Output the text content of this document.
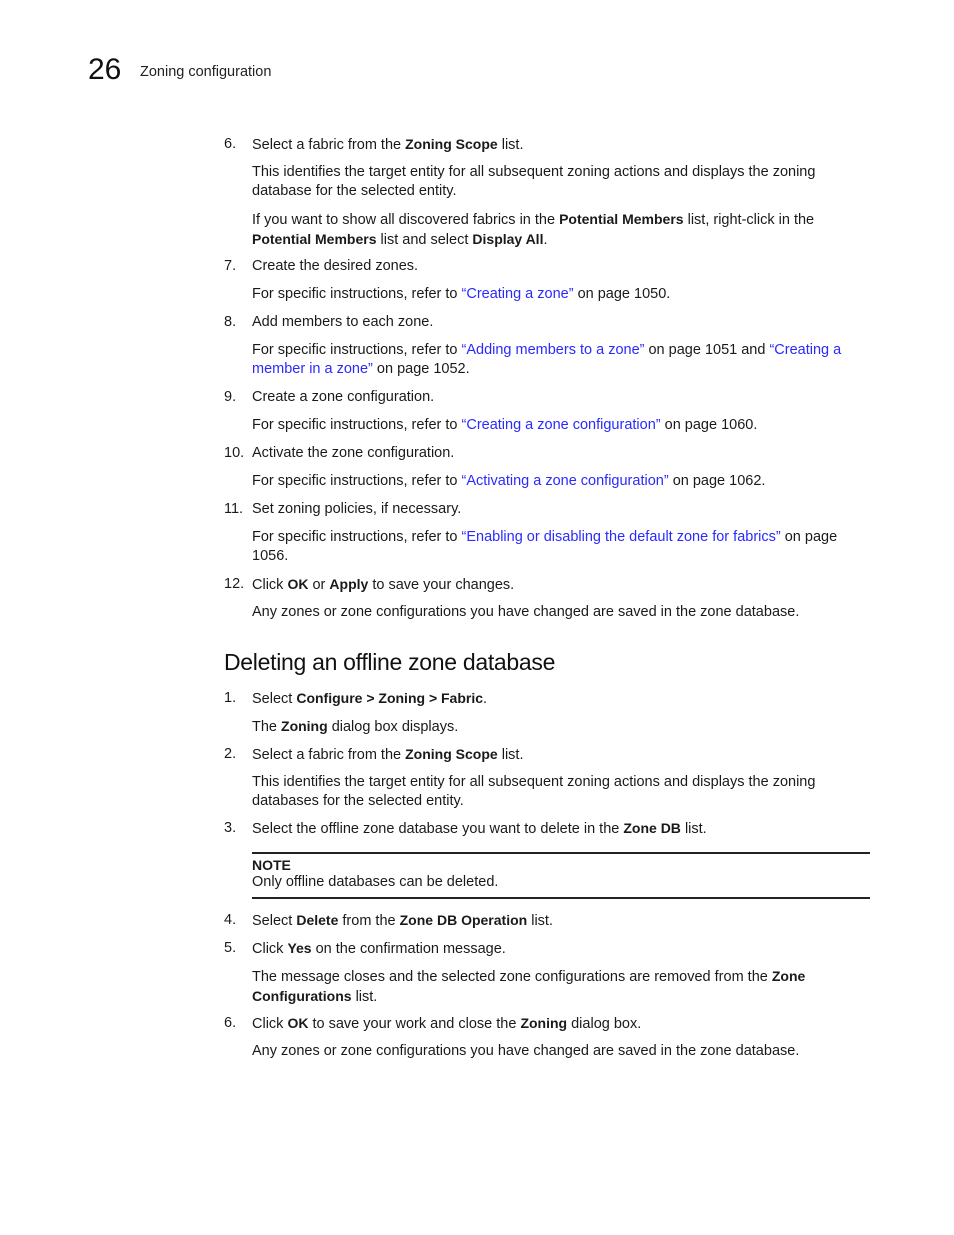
26 Zoning configuration
6.	Select a fabric from the Zoning Scope list.
This identifies the target entity for all subsequent zoning actions and displays the zoning database for the selected entity.
If you want to show all discovered fabrics in the Potential Members list, right-click in the Potential Members list and select Display All.
7.	Create the desired zones.
For specific instructions, refer to “Creating a zone” on page 1050.
8.	Add members to each zone.
For specific instructions, refer to “Adding members to a zone” on page 1051 and “Creating a member in a zone” on page 1052.
9.	Create a zone configuration.
For specific instructions, refer to “Creating a zone configuration” on page 1060.
10. Activate the zone configuration.
For specific instructions, refer to “Activating a zone configuration” on page 1062.
11. Set zoning policies, if necessary.
For specific instructions, refer to “Enabling or disabling the default zone for fabrics” on page 1056.
12. Click OK or Apply to save your changes.
Any zones or zone configurations you have changed are saved in the zone database.
Deleting an offline zone database
1.	Select Configure > Zoning > Fabric.
The Zoning dialog box displays.
2.	Select a fabric from the Zoning Scope list.
This identifies the target entity for all subsequent zoning actions and displays the zoning databases for the selected entity.
3.	Select the offline zone database you want to delete in the Zone DB list.
NOTE
Only offline databases can be deleted.
4.	Select Delete from the Zone DB Operation list.
5.	Click Yes on the confirmation message.
The message closes and the selected zone configurations are removed from the Zone Configurations list.
6.	Click OK to save your work and close the Zoning dialog box.
Any zones or zone configurations you have changed are saved in the zone database.
